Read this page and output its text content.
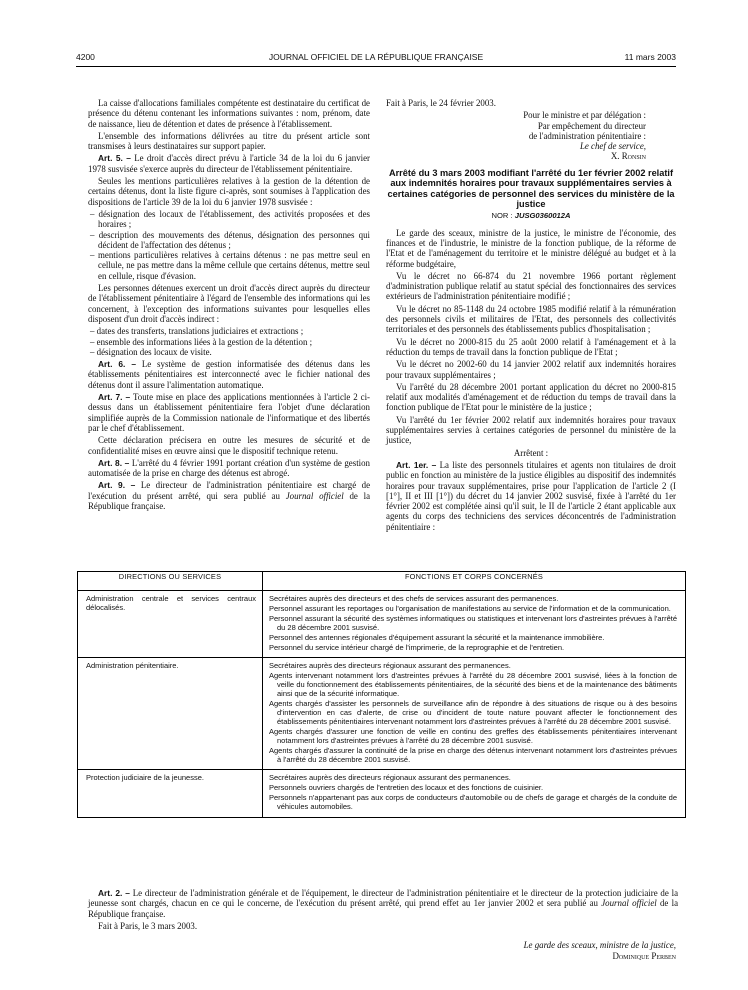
4200	JOURNAL OFFICIEL DE LA RÉPUBLIQUE FRANÇAISE	11 mars 2003

La caisse d'allocations familiales compétente est destinataire du certificat de présence du détenu contenant les informations suivantes : nom, prénom, date de naissance, lieu de détention et dates de présence à l'établissement.

L'ensemble des informations délivrées au titre du présent article sont transmises à leurs destinataires sur support papier.

Art. 5. – Le droit d'accès direct prévu à l'article 34 de la loi du 6 janvier 1978 susvisée s'exerce auprès du directeur de l'établissement pénitentiaire.

Seules les mentions particulières relatives à la gestion de la détention de certains détenus, dont la liste figure ci-après, sont soumises à l'application des dispositions de l'article 39 de la loi du 6 janvier 1978 susvisée :

– désignation des locaux de l'établissement, des activités proposées et des horaires ;
– description des mouvements des détenus, désignation des personnes qui décident de l'affectation des détenus ;
– mentions particulières relatives à certains détenus : ne pas mettre seul en cellule, ne pas mettre dans la même cellule que certains détenus, mettre seul en cellule, risque d'évasion.

Les personnes détenues exercent un droit d'accès direct auprès du directeur de l'établissement pénitentiaire à l'égard de l'ensemble des informations qui les concernent, à l'exception des informations suivantes pour lesquelles elles disposent d'un droit d'accès indirect :

– dates des transferts, translations judiciaires et extractions ;
– ensemble des informations liées à la gestion de la détention ;
– désignation des locaux de visite.

Art. 6. – Le système de gestion informatisée des détenus dans les établissements pénitentiaires est interconnecté avec le fichier national des détenus dont il assure l'alimentation automatique.

Art. 7. – Toute mise en place des applications mentionnées à l'article 2 ci-dessus dans un établissement pénitentiaire fera l'objet d'une déclaration simplifiée auprès de la Commission nationale de l'informatique et des libertés par le chef d'établissement.

Cette déclaration précisera en outre les mesures de sécurité et de confidentialité mises en œuvre ainsi que le dispositif technique retenu.

Art. 8. – L'arrêté du 4 février 1991 portant création d'un système de gestion automatisée de la prise en charge des détenus est abrogé.

Art. 9. – Le directeur de l'administration pénitentiaire est chargé de l'exécution du présent arrêté, qui sera publié au Journal officiel de la République française.

Fait à Paris, le 24 février 2003.

Pour le ministre et par délégation :
Par empêchement du directeur
de l'administration pénitentiaire :
Le chef de service,
X. Ronsin
Arrêté du 3 mars 2003 modifiant l'arrêté du 1er février 2002 relatif aux indemnités horaires pour travaux supplémentaires servies à certaines catégories de personnel des services du ministère de la justice
NOR : JUSG0360012A

Le garde des sceaux, ministre de la justice, le ministre de l'économie, des finances et de l'industrie, le ministre de la fonction publique, de la réforme de l'Etat et de l'aménagement du territoire et le ministre délégué au budget et à la réforme budgétaire,

Vu le décret no 66-874 du 21 novembre 1966 portant règlement d'administration publique relatif au statut spécial des fonctionnaires des services extérieurs de l'administration pénitentiaire modifié ;

Vu le décret no 85-1148 du 24 octobre 1985 modifié relatif à la rémunération des personnels civils et militaires de l'Etat, des personnels des collectivités territoriales et des personnels des établissements publics d'hospitalisation ;

Vu le décret no 2000-815 du 25 août 2000 relatif à l'aménagement et à la réduction du temps de travail dans la fonction publique de l'Etat ;

Vu le décret no 2002-60 du 14 janvier 2002 relatif aux indemnités horaires pour travaux supplémentaires ;

Vu l'arrêté du 28 décembre 2001 portant application du décret no 2000-815 relatif aux modalités d'aménagement et de réduction du temps de travail dans la fonction publique de l'Etat pour le ministère de la justice ;

Vu l'arrêté du 1er février 2002 relatif aux indemnités horaires pour travaux supplémentaires servies à certaines catégories de personnel du ministère de la justice,

Arrêtent :

Art. 1er. – La liste des personnels titulaires et agents non titulaires de droit public en fonction au ministère de la justice éligibles au dispositif des indemnités horaires pour travaux supplémentaires, prise pour l'application de l'article 2 (I [1°], II et III [1°]) du décret du 14 janvier 2002 susvisé, fixée à l'arrêté du 1er février 2002 est complétée ainsi qu'il suit, le II de l'article 2 étant applicable aux agents du corps des techniciens des services déconcentrés de l'administration pénitentiaire :

DIRECTIONS OU SERVICES	FONCTIONS ET CORPS CONCERNÉS
Administration centrale et services centraux délocalisés.	Secrétaires auprès des directeurs et des chefs de services assurant des permanences.
Personnel assurant les reportages ou l'organisation de manifestations au service de l'information et de la communication.
Personnel assurant la sécurité des systèmes informatiques ou statistiques et intervenant lors d'astreintes prévues à l'arrêté du 28 décembre 2001 susvisé.
Personnel des antennes régionales d'équipement assurant la sécurité et la maintenance immobilière.
Personnel du service intérieur chargé de l'imprimerie, de la reprographie et de l'entretien.

Administration pénitentiaire.	Secrétaires auprès des directeurs régionaux assurant des permanences.
Agents intervenant notamment lors d'astreintes prévues à l'arrêté du 28 décembre 2001 susvisé, liées à la fonction de veille du fonctionnement des établissements pénitentiaires, de la sécurité des biens et de la maintenance des bâtiments ainsi que de la sécurité informatique.
Agents chargés d'assister les personnels de surveillance afin de répondre à des situations de risque ou à des besoins d'intervention en cas d'alerte, de crise ou d'incident de toute nature pouvant affecter le fonctionnement des établissements pénitentiaires intervenant notamment lors d'astreintes prévues à l'arrêté du 28 décembre 2001 susvisé.
Agents chargés d'assurer une fonction de veille en continu des greffes des établissements pénitentiaires intervenant notamment lors d'astreintes prévues à l'arrêté du 28 décembre 2001 susvisé.
Agents chargés d'assurer la continuité de la prise en charge des détenus intervenant notamment lors d'astreintes prévues à l'arrêté du 28 décembre 2001 susvisé.

Protection judiciaire de la jeunesse.	Secrétaires auprès des directeurs régionaux assurant des permanences.
Personnels ouvriers chargés de l'entretien des locaux et des fonctions de cuisinier.
Personnels n'appartenant pas aux corps de conducteurs d'automobile ou de chefs de garage et chargés de la conduite de véhicules automobiles.

Art. 2. – Le directeur de l'administration générale et de l'équipement, le directeur de l'administration pénitentiaire et le directeur de la protection judiciaire de la jeunesse sont chargés, chacun en ce qui le concerne, de l'exécution du présent arrêté, qui prend effet au 1er janvier 2002 et sera publié au Journal officiel de la République française.

Fait à Paris, le 3 mars 2003.

Le garde des sceaux, ministre de la justice,
Dominique Perben
